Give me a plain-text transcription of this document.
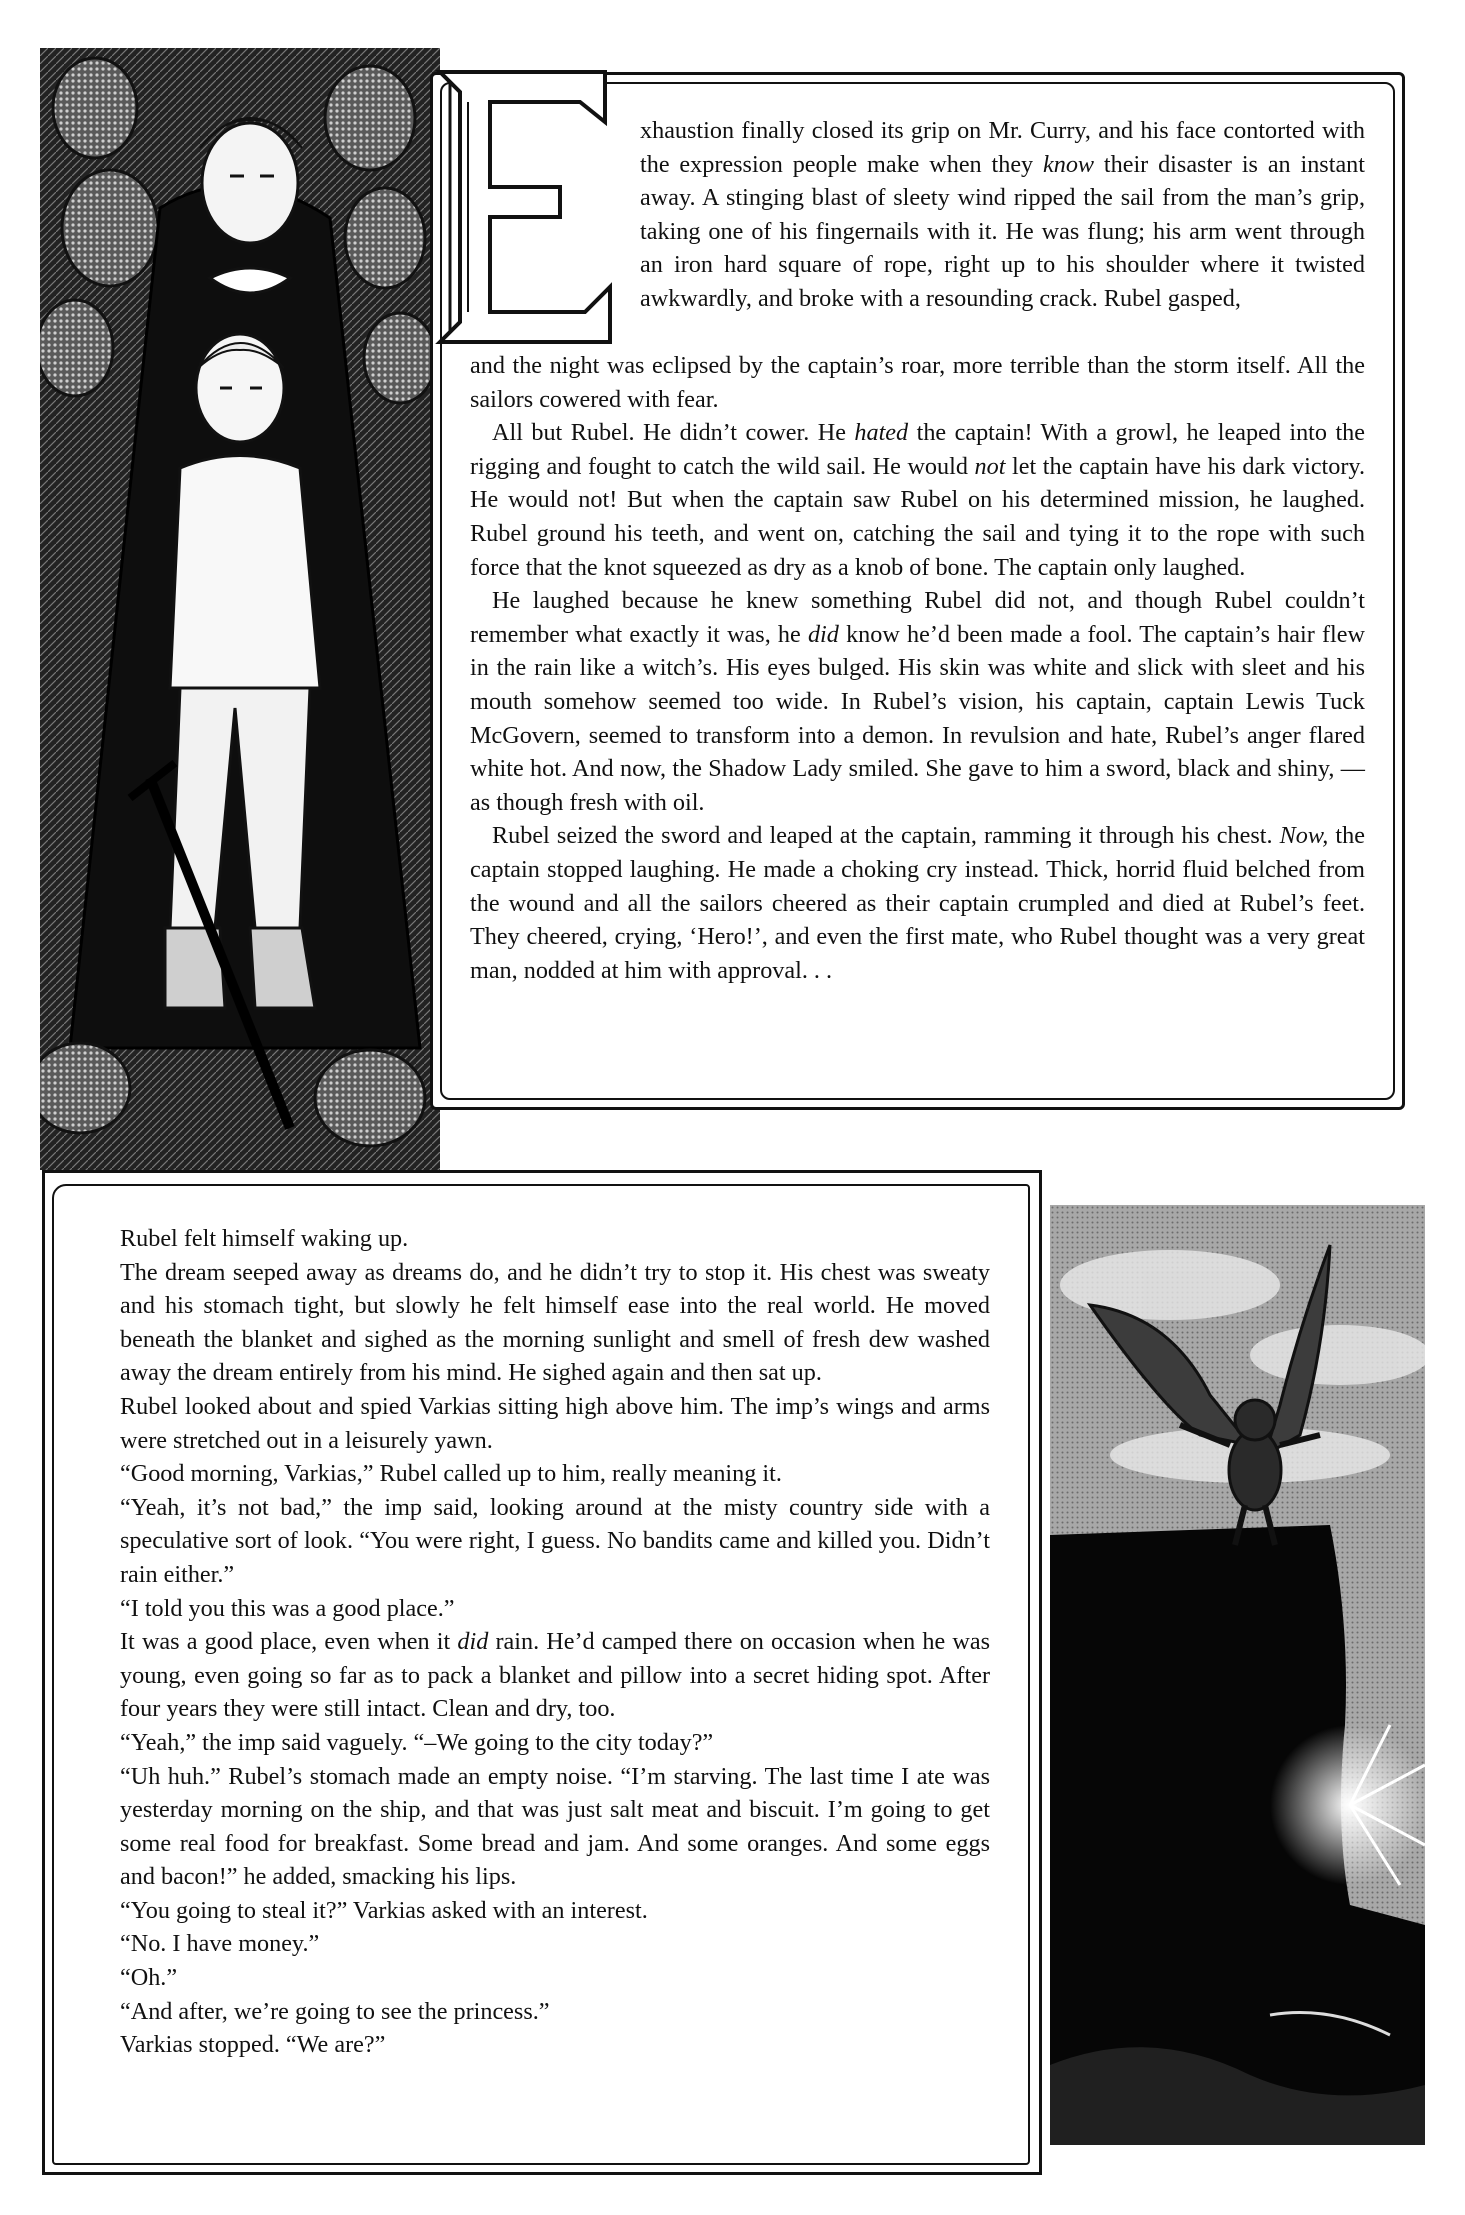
xhaustion finally closed its grip on Mr. Curry, and his face contorted with the expression people make when they know their disaster is an instant away. A stinging blast of sleety wind ripped the sail from the man’s grip, taking one of his fingernails with it. He was flung; his arm went through an iron hard square of rope, right up to his shoulder where it twisted awkwardly, and broke with a resounding crack. Rubel gasped,

and the night was eclipsed by the captain’s roar, more terrible than the storm itself. All the sailors cowered with fear.

All but Rubel. He didn’t cower. He hated the captain! With a growl, he leaped into the rigging and fought to catch the wild sail. He would not let the captain have his dark victory. He would not! But when the captain saw Rubel on his determined mission, he laughed. Rubel ground his teeth, and went on, catching the sail and tying it to the rope with such force that the knot squeezed as dry as a knob of bone. The captain only laughed.

He laughed because he knew something Rubel did not, and though Rubel couldn’t remember what exactly it was, he did know he’d been made a fool. The captain’s hair flew in the rain like a witch’s. His eyes bulged. His skin was white and slick with sleet and his mouth somehow seemed too wide. In Rubel’s vision, his captain, captain Lewis Tuck McGovern, seemed to transform into a demon. In revulsion and hate, Rubel’s anger flared white hot. And now, the Shadow Lady smiled. She gave to him a sword, black and shiny, —as though fresh with oil.

Rubel seized the sword and leaped at the captain, ramming it through his chest. Now, the captain stopped laughing. He made a choking cry instead. Thick, horrid fluid belched from the wound and all the sailors cheered as their captain crumpled and died at Rubel’s feet. They cheered, crying, ‘Hero!’, and even the first mate, who Rubel thought was a very great man, nodded at him with approval. . .

Rubel felt himself waking up.

The dream seeped away as dreams do, and he didn’t try to stop it. His chest was sweaty and his stomach tight, but slowly he felt himself ease into the real world. He moved beneath the blanket and sighed as the morning sunlight and smell of fresh dew washed away the dream entirely from his mind. He sighed again and then sat up.

Rubel looked about and spied Varkias sitting high above him. The imp’s wings and arms were stretched out in a leisurely yawn.

“Good morning, Varkias,” Rubel called up to him, really meaning it.

“Yeah, it’s not bad,” the imp said, looking around at the misty country side with a speculative sort of look. “You were right, I guess. No bandits came and killed you. Didn’t rain either.”

“I told you this was a good place.”

It was a good place, even when it did rain. He’d camped there on occasion when he was young, even going so far as to pack a blanket and pillow into a secret hiding spot. After four years they were still intact. Clean and dry, too.

“Yeah,” the imp said vaguely. “–We going to the city today?”

“Uh huh.” Rubel’s stomach made an empty noise. “I’m starving. The last time I ate was yesterday morning on the ship, and that was just salt meat and biscuit. I’m going to get some real food for breakfast. Some bread and jam. And some oranges. And some eggs and bacon!” he added, smacking his lips.

“You going to steal it?” Varkias asked with an interest.

“No. I have money.”

“Oh.”

“And after, we’re going to see the princess.”

Varkias stopped. “We are?”
